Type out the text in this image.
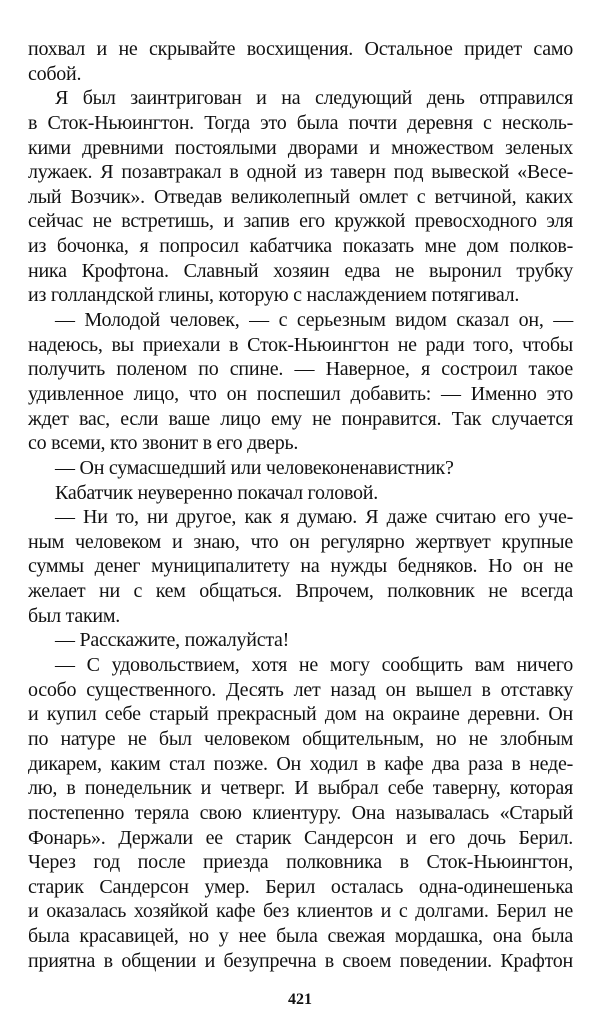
похвал и не скрывайте восхищения. Остальное придет само
собой.
Я был заинтригован и на следующий день отправился
в Сток-Ньюингтон. Тогда это была почти деревня с несколь-
кими древними постоялыми дворами и множеством зеленых
лужаек. Я позавтракал в одной из таверн под вывеской «Весе-
лый Возчик». Отведав великолепный омлет с ветчиной, каких
сейчас не встретишь, и запив его кружкой превосходного эля
из бочонка, я попросил кабатчика показать мне дом полков-
ника Крофтона. Славный хозяин едва не выронил трубку
из голландской глины, которую с наслаждением потягивал.
— Молодой человек, — с серьезным видом сказал он, —
надеюсь, вы приехали в Сток-Ньюингтон не ради того, чтобы
получить поленом по спине. — Наверное, я состроил такое
удивленное лицо, что он поспешил добавить: — Именно это
ждет вас, если ваше лицо ему не понравится. Так случается
со всеми, кто звонит в его дверь.
— Он сумасшедший или человеконенавистник?
Кабатчик неуверенно покачал головой.
— Ни то, ни другое, как я думаю. Я даже считаю его уче-
ным человеком и знаю, что он регулярно жертвует крупные
суммы денег муниципалитету на нужды бедняков. Но он не
желает ни с кем общаться. Впрочем, полковник не всегда
был таким.
— Расскажите, пожалуйста!
— С удовольствием, хотя не могу сообщить вам ничего
особо существенного. Десять лет назад он вышел в отставку
и купил себе старый прекрасный дом на окраине деревни. Он
по натуре не был человеком общительным, но не злобным
дикарем, каким стал позже. Он ходил в кафе два раза в неде-
лю, в понедельник и четверг. И выбрал себе таверну, которая
постепенно теряла свою клиентуру. Она называлась «Старый
Фонарь». Держали ее старик Сандерсон и его дочь Берил.
Через год после приезда полковника в Сток-Ньюингтон,
старик Сандерсон умер. Берил осталась одна-одинешенька
и оказалась хозяйкой кафе без клиентов и с долгами. Берил не
была красавицей, но у нее была свежая мордашка, она была
приятна в общении и безупречна в своем поведении. Крафтон
421
